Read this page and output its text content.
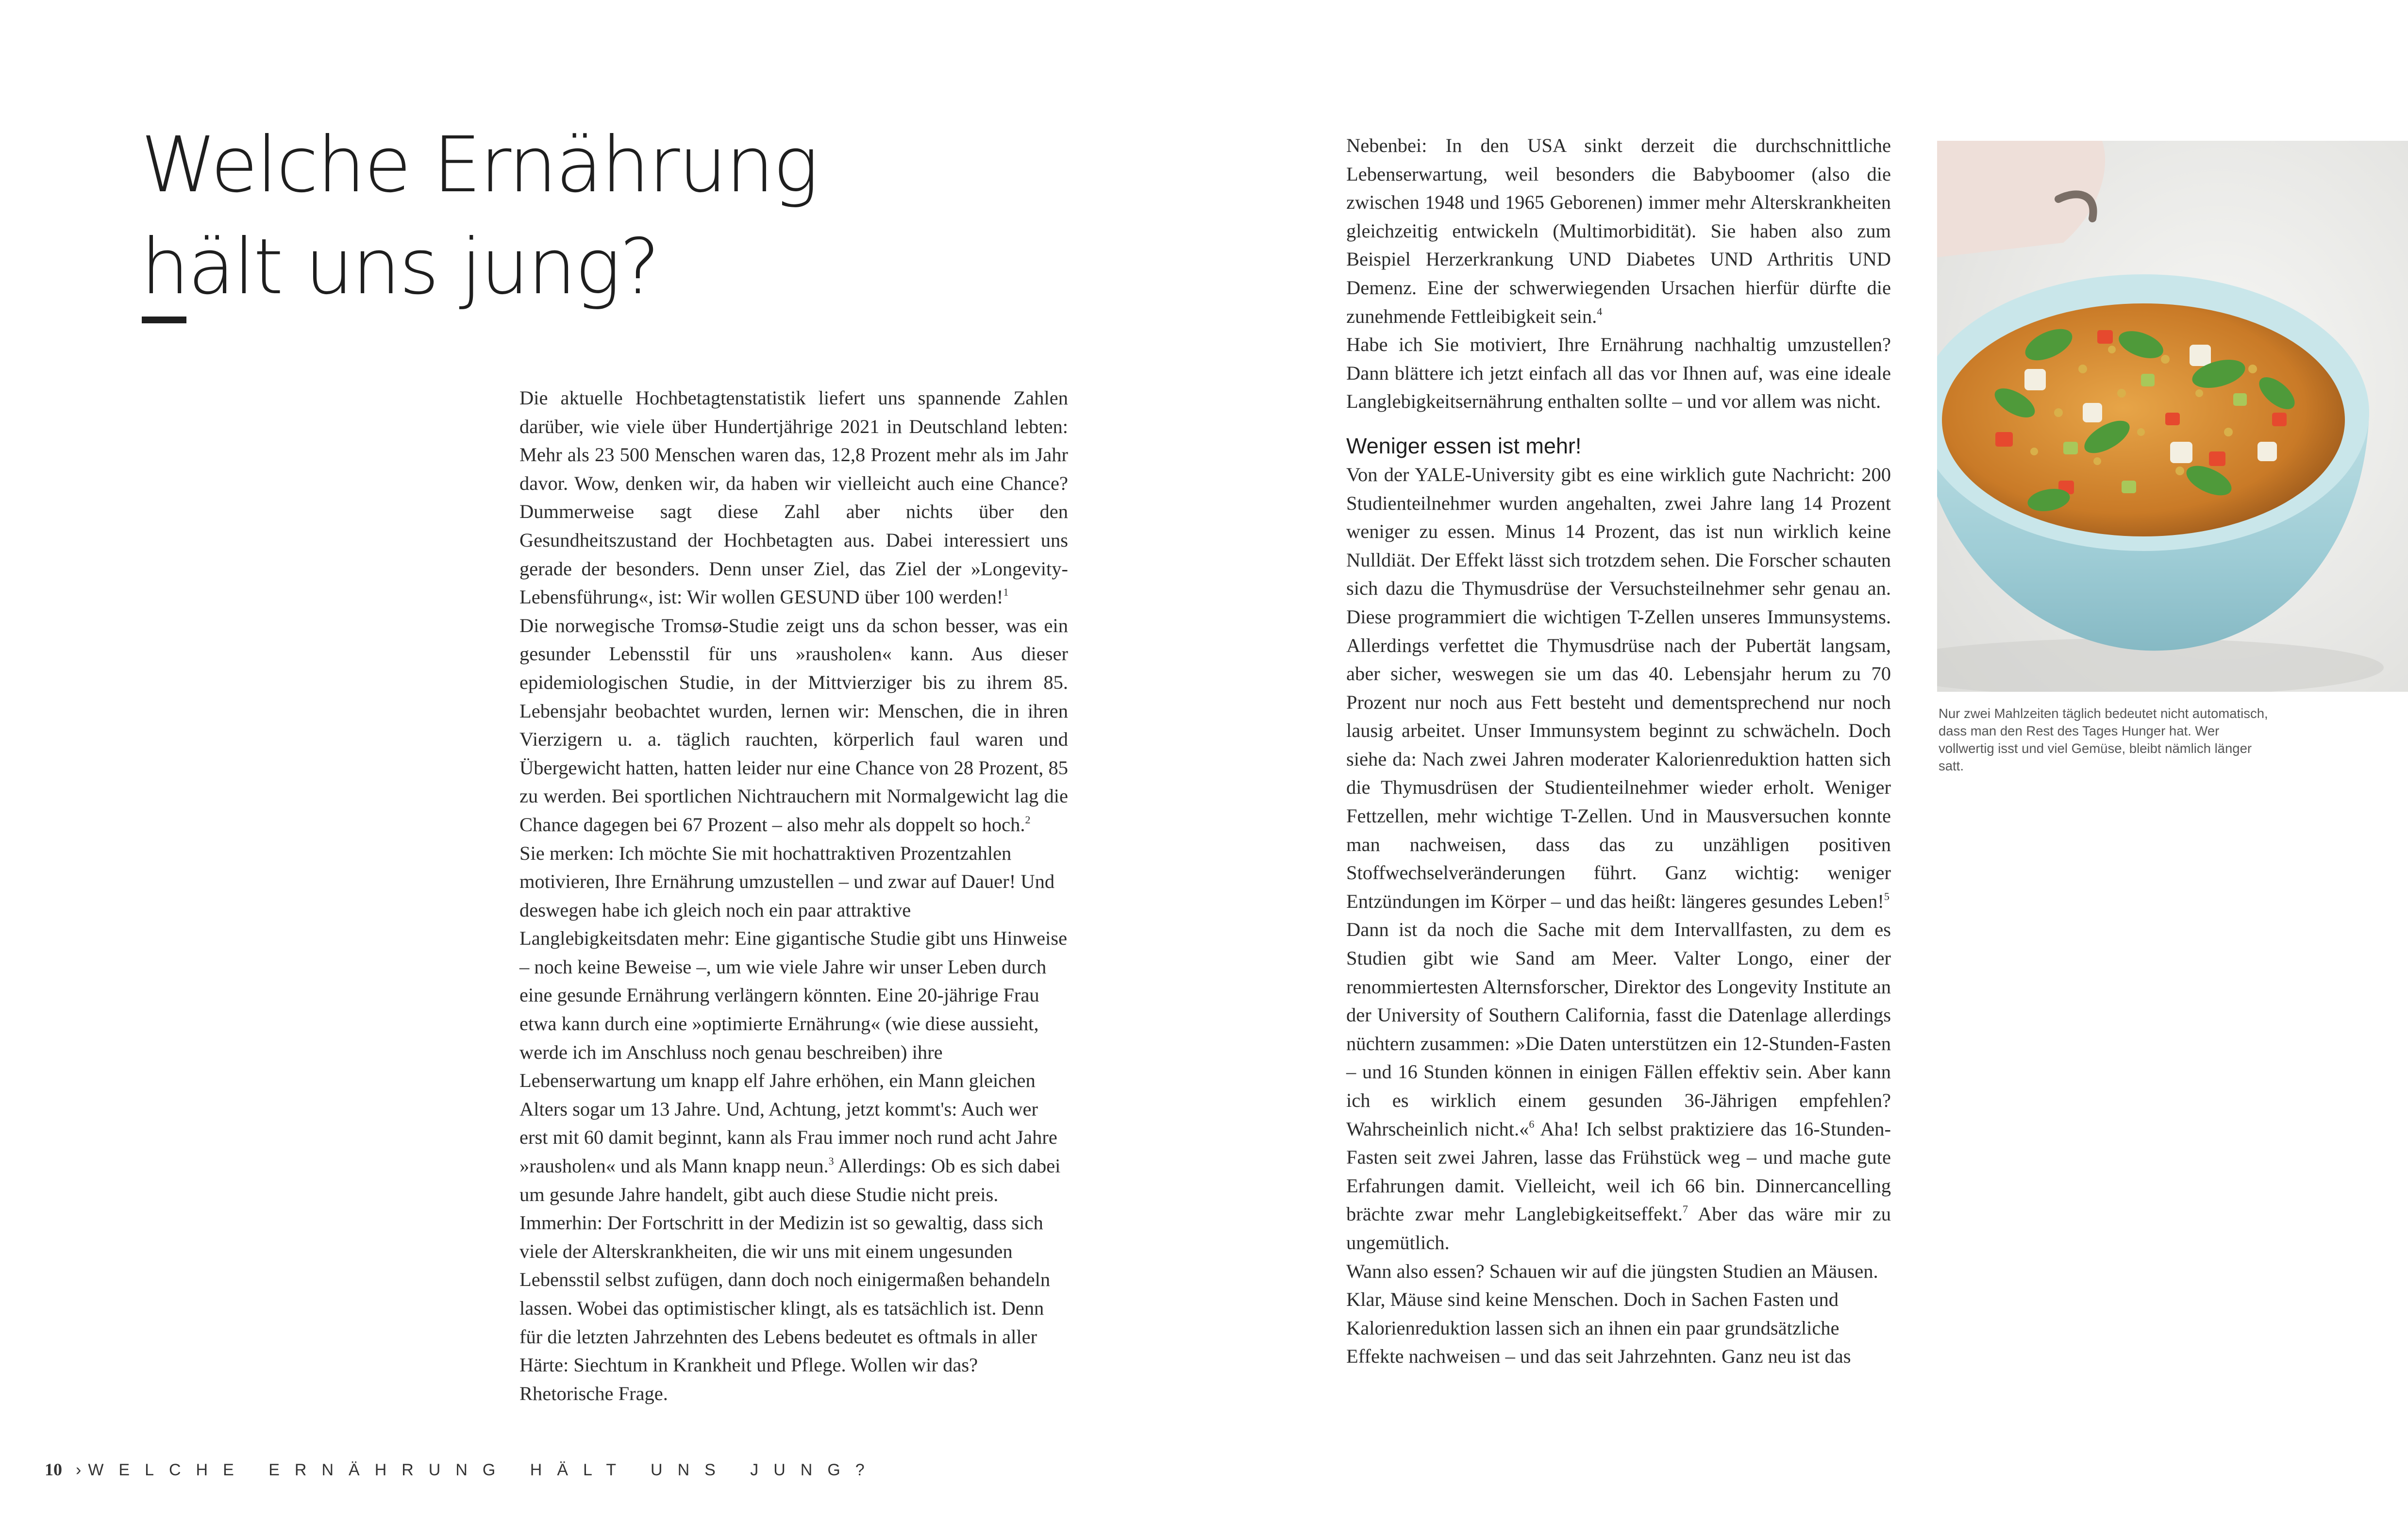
Welche Ernährung
hält uns jung?

Die aktuelle Hochbetagtenstatistik liefert uns spannende Zahlen darüber, wie viele über Hundertjährige 2021 in Deutschland lebten: Mehr als 23 500 Menschen waren das, 12,8 Prozent mehr als im Jahr davor. Wow, denken wir, da haben wir vielleicht auch eine Chance? Dummerweise sagt diese Zahl aber nichts über den Gesundheitszustand der Hochbetagten aus. Dabei interessiert uns gerade der besonders. Denn unser Ziel, das Ziel der »Longevity-Lebensführung«, ist: Wir wollen GESUND über 100 werden!$^1$

Die norwegische Tromsø-Studie zeigt uns da schon besser, was ein gesunder Lebensstil für uns »rausholen« kann. Aus dieser epidemiologischen Studie, in der Mittvierziger bis zu ihrem 85. Lebensjahr beobachtet wurden, lernen wir: Menschen, die in ihren Vierzigern u. a. täglich rauchten, körperlich faul waren und Übergewicht hatten, hatten leider nur eine Chance von 28 Prozent, 85 zu werden. Bei sportlichen Nichtrauchern mit Normalgewicht lag die Chance dagegen bei 67 Prozent – also mehr als doppelt so hoch.$^2$

Sie merken: Ich möchte Sie mit hochattraktiven Prozentzahlen motivieren, Ihre Ernährung umzustellen – und zwar auf Dauer! Und deswegen habe ich gleich noch ein paar attraktive Langlebigkeitsdaten mehr: Eine gigantische Studie gibt uns Hinweise – noch keine Beweise –, um wie viele Jahre wir unser Leben durch eine gesunde Ernährung verlängern könnten. Eine 20-jährige Frau etwa kann durch eine »optimierte Ernährung« (wie diese aussieht, werde ich im Anschluss noch genau beschreiben) ihre Lebenserwartung um knapp elf Jahre erhöhen, ein Mann gleichen Alters sogar um 13 Jahre. Und, Achtung, jetzt kommt's: Auch wer erst mit 60 damit beginnt, kann als Frau immer noch rund acht Jahre »rausholen« und als Mann knapp neun.$^3$ Allerdings: Ob es sich dabei um gesunde Jahre handelt, gibt auch diese Studie nicht preis. Immerhin: Der Fortschritt in der Medizin ist so gewaltig, dass sich viele der Alterskrankheiten, die wir uns mit einem ungesunden Lebensstil selbst zufügen, dann doch noch einigermaßen behandeln lassen. Wobei das optimistischer klingt, als es tatsächlich ist. Denn für die letzten Jahrzehnten des Lebens bedeutet es oftmals in aller Härte: Siechtum in Krankheit und Pflege. Wollen wir das? Rhetorische Frage.

Nebenbei: In den USA sinkt derzeit die durchschnittliche Lebenserwartung, weil besonders die Babyboomer (also die zwischen 1948 und 1965 Geborenen) immer mehr Alterskrankheiten gleichzeitig entwickeln (Multimorbidität). Sie haben also zum Beispiel Herzerkrankung UND Diabetes UND Arthritis UND Demenz. Eine der schwerwiegenden Ursachen hierfür dürfte die zunehmende Fettleibigkeit sein.$^4$

Habe ich Sie motiviert, Ihre Ernährung nachhaltig umzustellen? Dann blättere ich jetzt einfach all das vor Ihnen auf, was eine ideale Langlebigkeitsernährung enthalten sollte – und vor allem was nicht.

Weniger essen ist mehr!

Von der YALE-University gibt es eine wirklich gute Nachricht: 200 Studienteilnehmer wurden angehalten, zwei Jahre lang 14 Prozent weniger zu essen. Minus 14 Prozent, das ist nun wirklich keine Nulldiät. Der Effekt lässt sich trotzdem sehen. Die Forscher schauten sich dazu die Thymusdrüse der Versuchsteilnehmer sehr genau an. Diese programmiert die wichtigen T-Zellen unseres Immunsystems. Allerdings verfettet die Thymusdrüse nach der Pubertät langsam, aber sicher, weswegen sie um das 40. Lebensjahr herum zu 70 Prozent nur noch aus Fett besteht und dementsprechend nur noch lausig arbeitet. Unser Immunsystem beginnt zu schwächeln. Doch siehe da: Nach zwei Jahren moderater Kalorienreduktion hatten sich die Thymusdrüsen der Studienteilnehmer wieder erholt. Weniger Fettzellen, mehr wichtige T-Zellen. Und in Mausversuchen konnte man nachweisen, dass das zu unzähligen positiven Stoffwechselveränderungen führt. Ganz wichtig: weniger Entzündungen im Körper – und das heißt: längeres gesundes Leben!$^5$

Dann ist da noch die Sache mit dem Intervallfasten, zu dem es Studien gibt wie Sand am Meer. Valter Longo, einer der renommiertesten Alternsforscher, Direktor des Longevity Institute an der University of Southern California, fasst die Datenlage allerdings nüchtern zusammen: »Die Daten unterstützen ein 12-Stunden-Fasten – und 16 Stunden können in einigen Fällen effektiv sein. Aber kann ich es wirklich einem gesunden 36-Jährigen empfehlen? Wahrscheinlich nicht.«$^6$ Aha! Ich selbst praktiziere das 16-Stunden-Fasten seit zwei Jahren, lasse das Frühstück weg – und mache gute Erfahrungen damit. Vielleicht, weil ich 66 bin. Dinnercancelling brächte zwar mehr Langlebigkeitseffekt.$^7$ Aber das wäre mir zu ungemütlich.

Wann also essen? Schauen wir auf die jüngsten Studien an Mäusen. Klar, Mäuse sind keine Menschen. Doch in Sachen Fasten und Kalorienreduktion lassen sich an ihnen ein paar grundsätzliche Effekte nachweisen – und das seit Jahrzehnten. Ganz neu ist das

Nur zwei Mahlzeiten täglich bedeutet nicht automatisch, dass man den Rest des Tages Hunger hat. Wer vollwertig isst und viel Gemüse, bleibt nämlich länger satt.

10 › WELCHE ERNÄHRUNG HÄLT UNS JUNG?
